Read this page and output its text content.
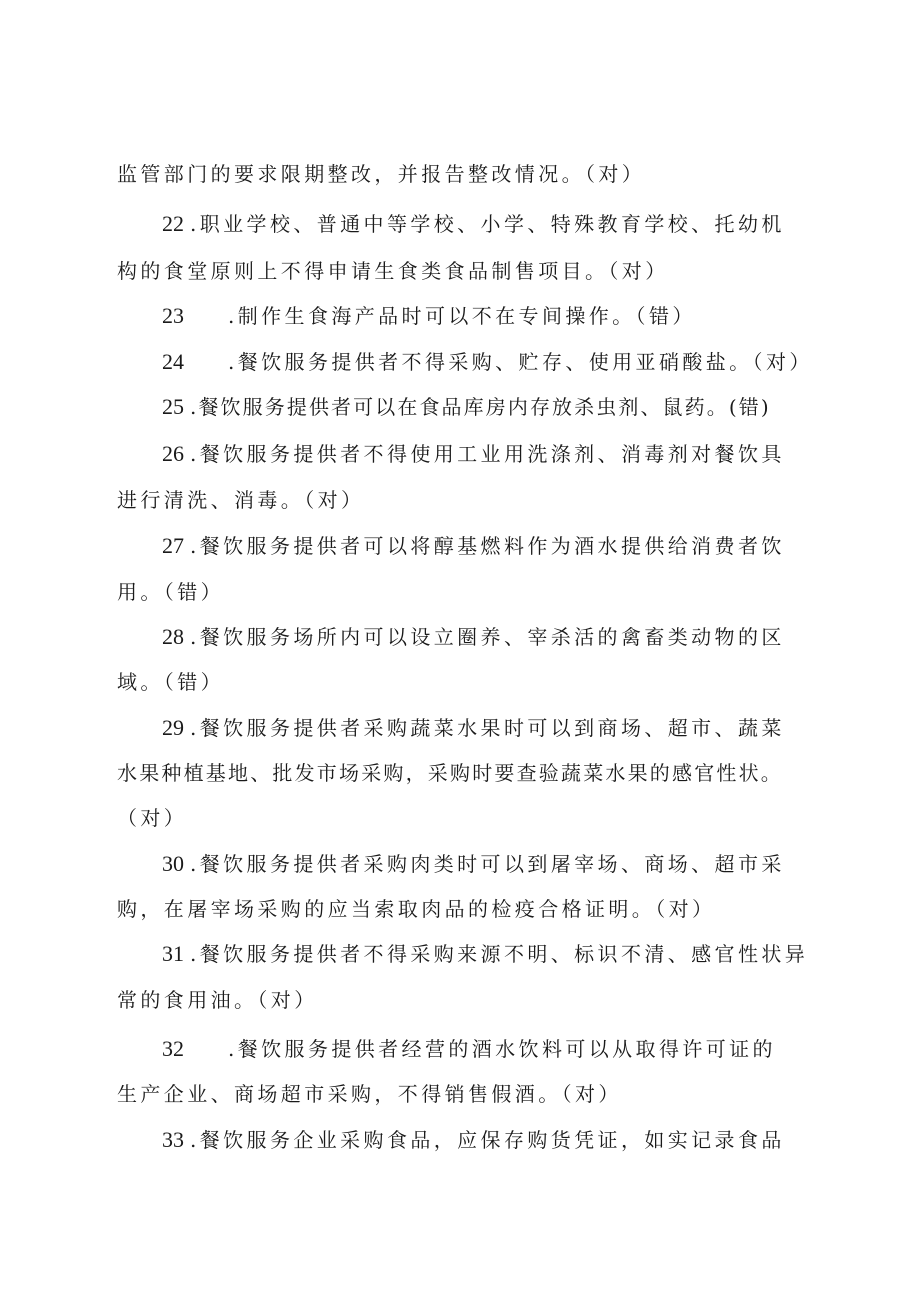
监管部门的要求限期整改，并报告整改情况。（对）
22 .职业学校、普通中等学校、小学、特殊教育学校、托幼机
构的食堂原则上不得申请生食类食品制售项目。（对）
23 .制作生食海产品时可以不在专间操作。（错）
24 .餐饮服务提供者不得采购、贮存、使用亚硝酸盐。（对）
25 .餐饮服务提供者可以在食品库房内存放杀虫剂、鼠药。(错)
26 .餐饮服务提供者不得使用工业用洗涤剂、消毒剂对餐饮具
进行清洗、消毒。（对）
27 .餐饮服务提供者可以将醇基燃料作为酒水提供给消费者饮
用。（错）
28 .餐饮服务场所内可以设立圈养、宰杀活的禽畜类动物的区
域。（错）
29 .餐饮服务提供者采购蔬菜水果时可以到商场、超市、蔬菜
水果种植基地、批发市场采购，采购时要查验蔬菜水果的感官性状。
（对）
30 .餐饮服务提供者采购肉类时可以到屠宰场、商场、超市采
购，在屠宰场采购的应当索取肉品的检疫合格证明。（对）
31 .餐饮服务提供者不得采购来源不明、标识不清、感官性状异
常的食用油。（对）
32 .餐饮服务提供者经营的酒水饮料可以从取得许可证的
生产企业、商场超市采购，不得销售假酒。（对）
33 .餐饮服务企业采购食品，应保存购货凭证，如实记录食品
